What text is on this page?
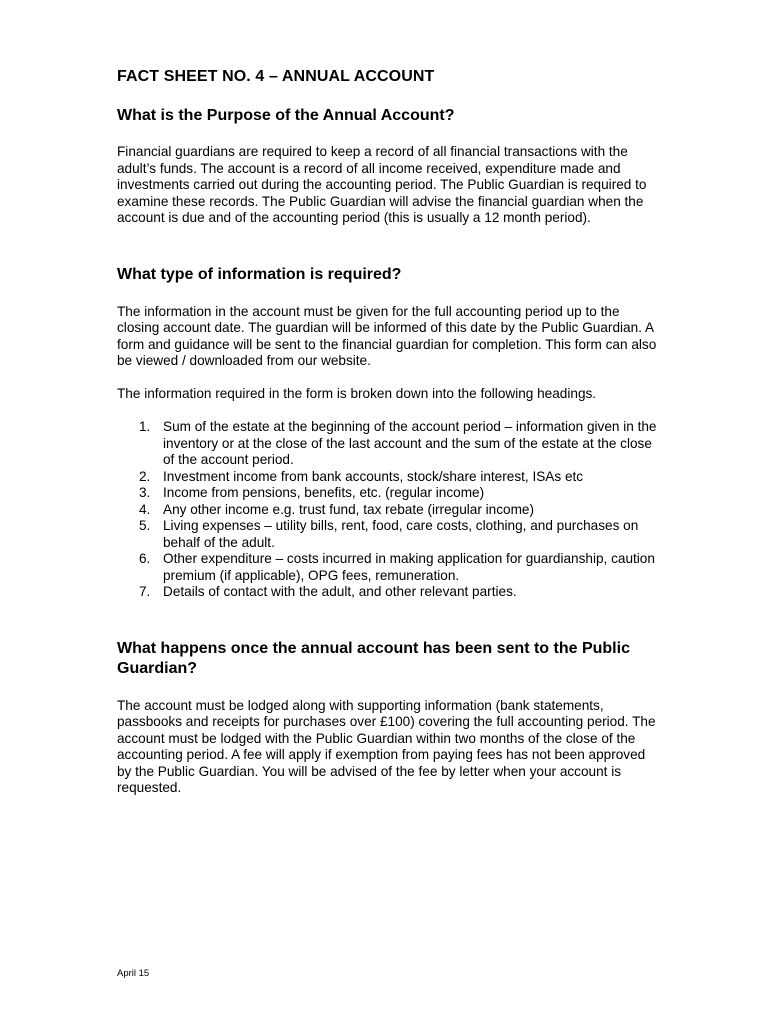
FACT SHEET NO. 4 – ANNUAL ACCOUNT
What is the Purpose of the Annual Account?

Financial guardians are required to keep a record of all financial transactions with the adult’s funds. The account is a record of all income received, expenditure made and investments carried out during the accounting period. The Public Guardian is required to examine these records. The Public Guardian will advise the financial guardian when the account is due and of the accounting period (this is usually a 12 month period).

What type of information is required?

The information in the account must be given for the full accounting period up to the closing account date. The guardian will be informed of this date by the Public Guardian. A form and guidance will be sent to the financial guardian for completion. This form can also be viewed / downloaded from our website.

The information required in the form is broken down into the following headings.

1. Sum of the estate at the beginning of the account period – information given in the inventory or at the close of the last account and the sum of the estate at the close of the account period.
2. Investment income from bank accounts, stock/share interest, ISAs etc
3. Income from pensions, benefits, etc. (regular income)
4. Any other income e.g. trust fund, tax rebate (irregular income)
5. Living expenses – utility bills, rent, food, care costs, clothing, and purchases on behalf of the adult.
6. Other expenditure – costs incurred in making application for guardianship, caution premium (if applicable), OPG fees, remuneration.
7. Details of contact with the adult, and other relevant parties.
What happens once the annual account has been sent to the Public Guardian?

The account must be lodged along with supporting information (bank statements, passbooks and receipts for purchases over £100) covering the full accounting period. The account must be lodged with the Public Guardian within two months of the close of the accounting period. A fee will apply if exemption from paying fees has not been approved by the Public Guardian. You will be advised of the fee by letter when your account is requested.

April 15
